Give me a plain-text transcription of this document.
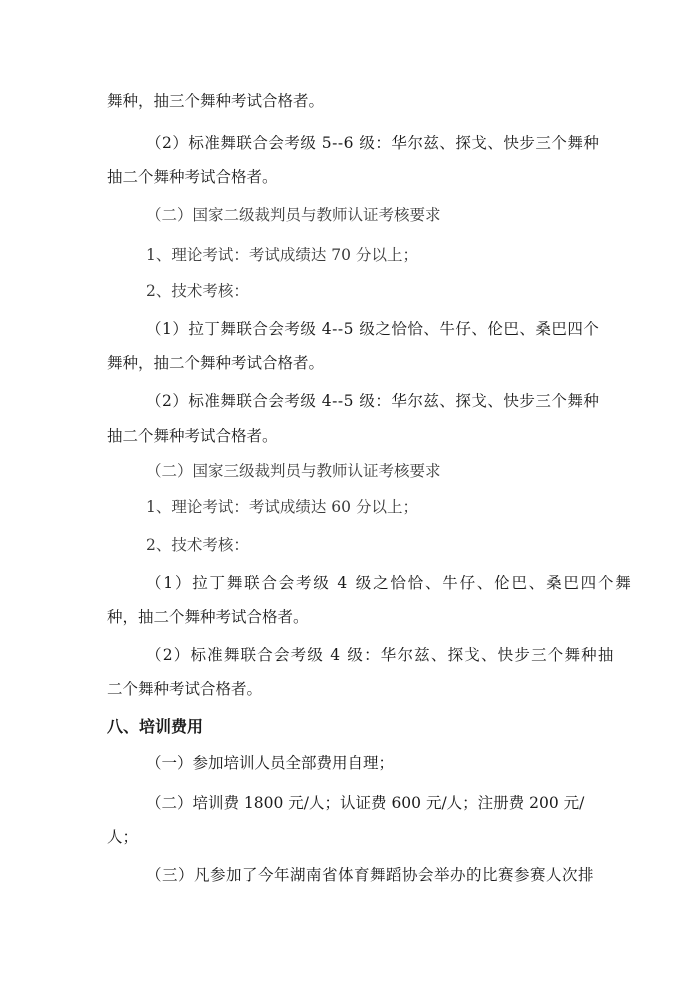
舞种，抽三个舞种考试合格者。
（2）标准舞联合会考级 5--6 级：华尔兹、探戈、快步三个舞种
抽二个舞种考试合格者。
（二）国家二级裁判员与教师认证考核要求
1、理论考试：考试成绩达 70 分以上；
2、技术考核：
（1）拉丁舞联合会考级 4--5 级之恰恰、牛仔、伦巴、桑巴四个
舞种，抽二个舞种考试合格者。
（2）标准舞联合会考级 4--5 级：华尔兹、探戈、快步三个舞种
抽二个舞种考试合格者。
（二）国家三级裁判员与教师认证考核要求
1、理论考试：考试成绩达 60 分以上；
2、技术考核：
（1）拉丁舞联合会考级 4 级之恰恰、牛仔、伦巴、桑巴四个舞
种，抽二个舞种考试合格者。
（2）标准舞联合会考级 4 级：华尔兹、探戈、快步三个舞种抽
二个舞种考试合格者。
八、培训费用
（一）参加培训人员全部费用自理；
（二）培训费 1800 元/人；认证费 600 元/人；注册费 200 元/
人；
（三）凡参加了今年湖南省体育舞蹈协会举办的比赛参赛人次排
